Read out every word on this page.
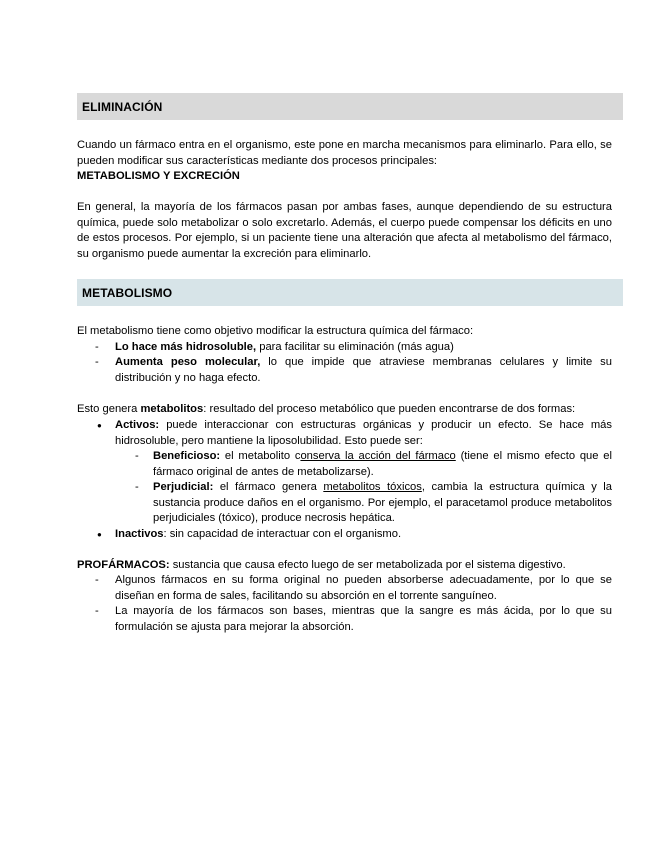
ELIMINACIÓN

Cuando un fármaco entra en el organismo, este pone en marcha mecanismos para eliminarlo. Para ello, se pueden modificar sus características mediante dos procesos principales:
METABOLISMO Y EXCRECIÓN

En general, la mayoría de los fármacos pasan por ambas fases, aunque dependiendo de su estructura química, puede solo metabolizar o solo excretarlo. Además, el cuerpo puede compensar los déficits en uno de estos procesos. Por ejemplo, si un paciente tiene una alteración que afecta al metabolismo del fármaco, su organismo puede aumentar la excreción para eliminarlo.

METABOLISMO

El metabolismo tiene como objetivo modificar la estructura química del fármaco:

- Lo hace más hidrosoluble, para facilitar su eliminación (más agua)

- Aumenta peso molecular, lo que impide que atraviese membranas celulares y limite su distribución y no haga efecto.

Esto genera metabolitos: resultado del proceso metabólico que pueden encontrarse de dos formas:

● Activos: puede interaccionar con estructuras orgánicas y producir un efecto. Se hace más hidrosoluble, pero mantiene la liposolubilidad. Esto puede ser:

- Beneficioso: el metabolito conserva la acción del fármaco (tiene el mismo efecto que el fármaco original de antes de metabolizarse).

- Perjudicial: el fármaco genera metabolitos tóxicos, cambia la estructura química y la sustancia produce daños en el organismo. Por ejemplo, el paracetamol produce metabolitos perjudiciales (tóxico), produce necrosis hepática.

● Inactivos: sin capacidad de interactuar con el organismo.

PROFÁRMACOS: sustancia que causa efecto luego de ser metabolizada por el sistema digestivo.

- Algunos fármacos en su forma original no pueden absorberse adecuadamente, por lo que se diseñan en forma de sales, facilitando su absorción en el torrente sanguíneo.

- La mayoría de los fármacos son bases, mientras que la sangre es más ácida, por lo que su formulación se ajusta para mejorar la absorción.
